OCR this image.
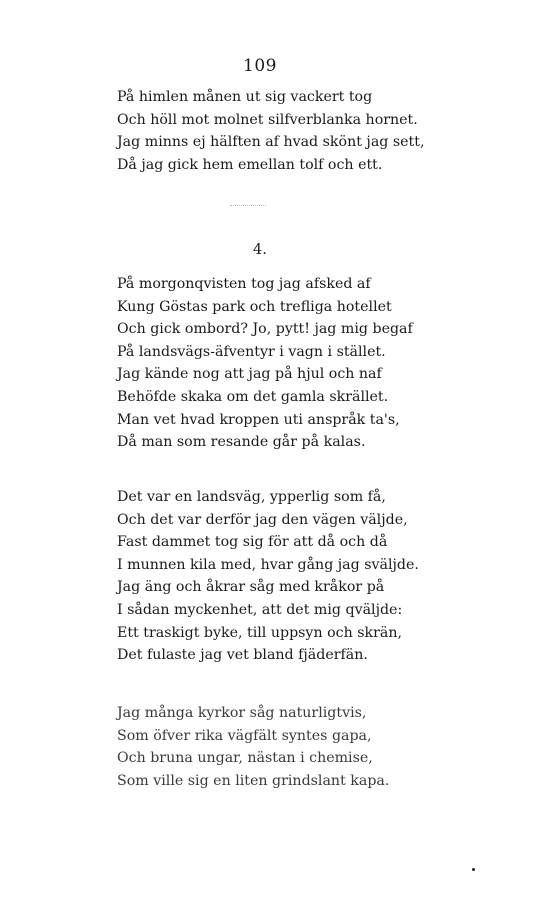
109
På himlen månen ut sig vackert tog
Och höll mot molnet silfverblanka hornet.
Jag minns ej hälften af hvad skönt jag sett,
Då jag gick hem emellan tolf och ett.
4.
På morgonqvisten tog jag afsked af
Kung Göstas park och trefliga hotellet
Och gick ombord? Jo, pytt! jag mig begaf
På landsvägs-äfventyr i vagn i stället.
Jag kände nog att jag på hjul och naf
Behöfde skaka om det gamla skrället.
Man vet hvad kroppen uti anspråk ta's,
Då man som resande går på kalas.
Det var en landsväg, ypperlig som få,
Och det var derför jag den vägen väljde,
Fast dammet tog sig för att då och då
I munnen kila med, hvar gång jag sväljde.
Jag äng och åkrar såg med kråkor på
I sådan myckenhet, att det mig qväljde:
Ett traskigt byke, till uppsyn och skrän,
Det fulaste jag vet bland fjäderfän.
Jag många kyrkor såg naturligtvis,
Som öfver rika vägfält syntes gapa,
Och bruna ungar, nästan i chemise,
Som ville sig en liten grindslant kapa.
